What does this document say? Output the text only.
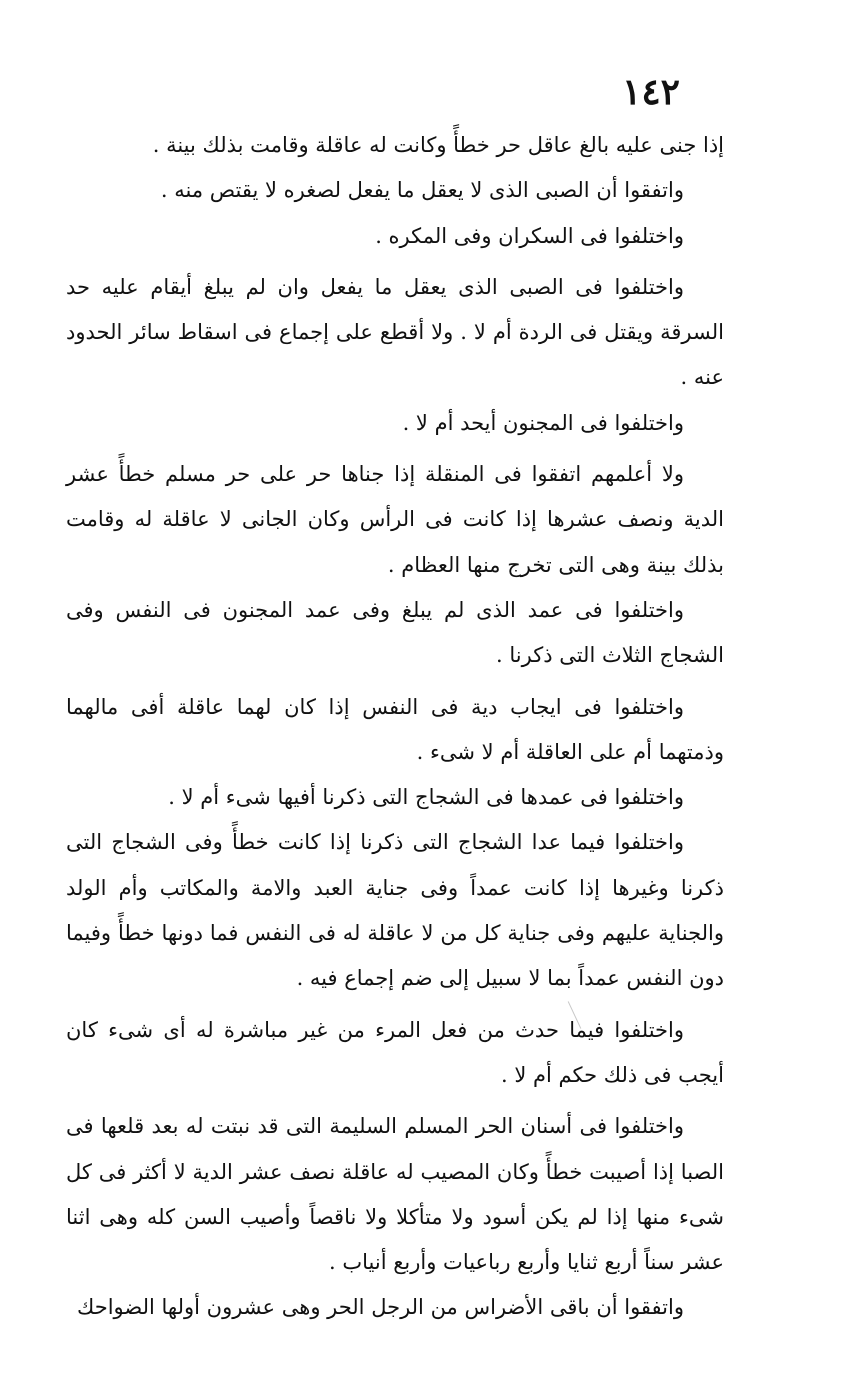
١٤٢

إذا جنى عليه بالغ عاقل حر خطأً وكانت له عاقلة وقامت بذلك بينة .

واتفقوا أن الصبى الذى لا يعقل ما يفعل لصغره لا يقتص منه .

واختلفوا فى السكران وفى المكره .

واختلفوا فى الصبى الذى يعقل ما يفعل وان لم يبلغ أيقام عليه حد السرقة ويقتل فى الردة أم لا . ولا أقطع على إجماع فى اسقاط سائر الحدود عنه .

واختلفوا فى المجنون أيحد أم لا .

ولا أعلمهم اتفقوا فى المنقلة إذا جناها حر على حر مسلم خطأً عشر الدية ونصف عشرها إذا كانت فى الرأس وكان الجانى لا عاقلة له وقامت بذلك بينة وهى التى تخرج منها العظام .

واختلفوا فى عمد الذى لم يبلغ وفى عمد المجنون فى النفس وفى الشجاج الثلاث التى ذكرنا .

واختلفوا فى ايجاب دية فى النفس إذا كان لهما عاقلة أفى مالهما وذمتهما أم على العاقلة أم لا شىء .

واختلفوا فى عمدها فى الشجاج التى ذكرنا أفيها شىء أم لا .

واختلفوا فيما عدا الشجاج التى ذكرنا إذا كانت خطأً وفى الشجاج التى ذكرنا وغيرها إذا كانت عمداً وفى جناية العبد والامة والمكاتب وأم الولد والجناية عليهم وفى جناية كل من لا عاقلة له فى النفس فما دونها خطأً وفيما دون النفس عمداً بما لا سبيل إلى ضم إجماع فيه .

واختلفوا فيما حدث من فعل المرء من غير مباشرة له أى شىء كان أيجب فى ذلك حكم أم لا .

واختلفوا فى أسنان الحر المسلم السليمة التى قد نبتت له بعد قلعها فى الصبا إذا أصيبت خطأً وكان المصيب له عاقلة نصف عشر الدية لا أكثر فى كل شىء منها إذا لم يكن أسود ولا متأكلا ولا ناقصاً وأصيب السن كله وهى اثنا عشر سناً أربع ثنايا وأربع رباعيات وأربع أنياب .

واتفقوا أن باقى الأضراس من الرجل الحر وهى عشرون أولها الضواحك
